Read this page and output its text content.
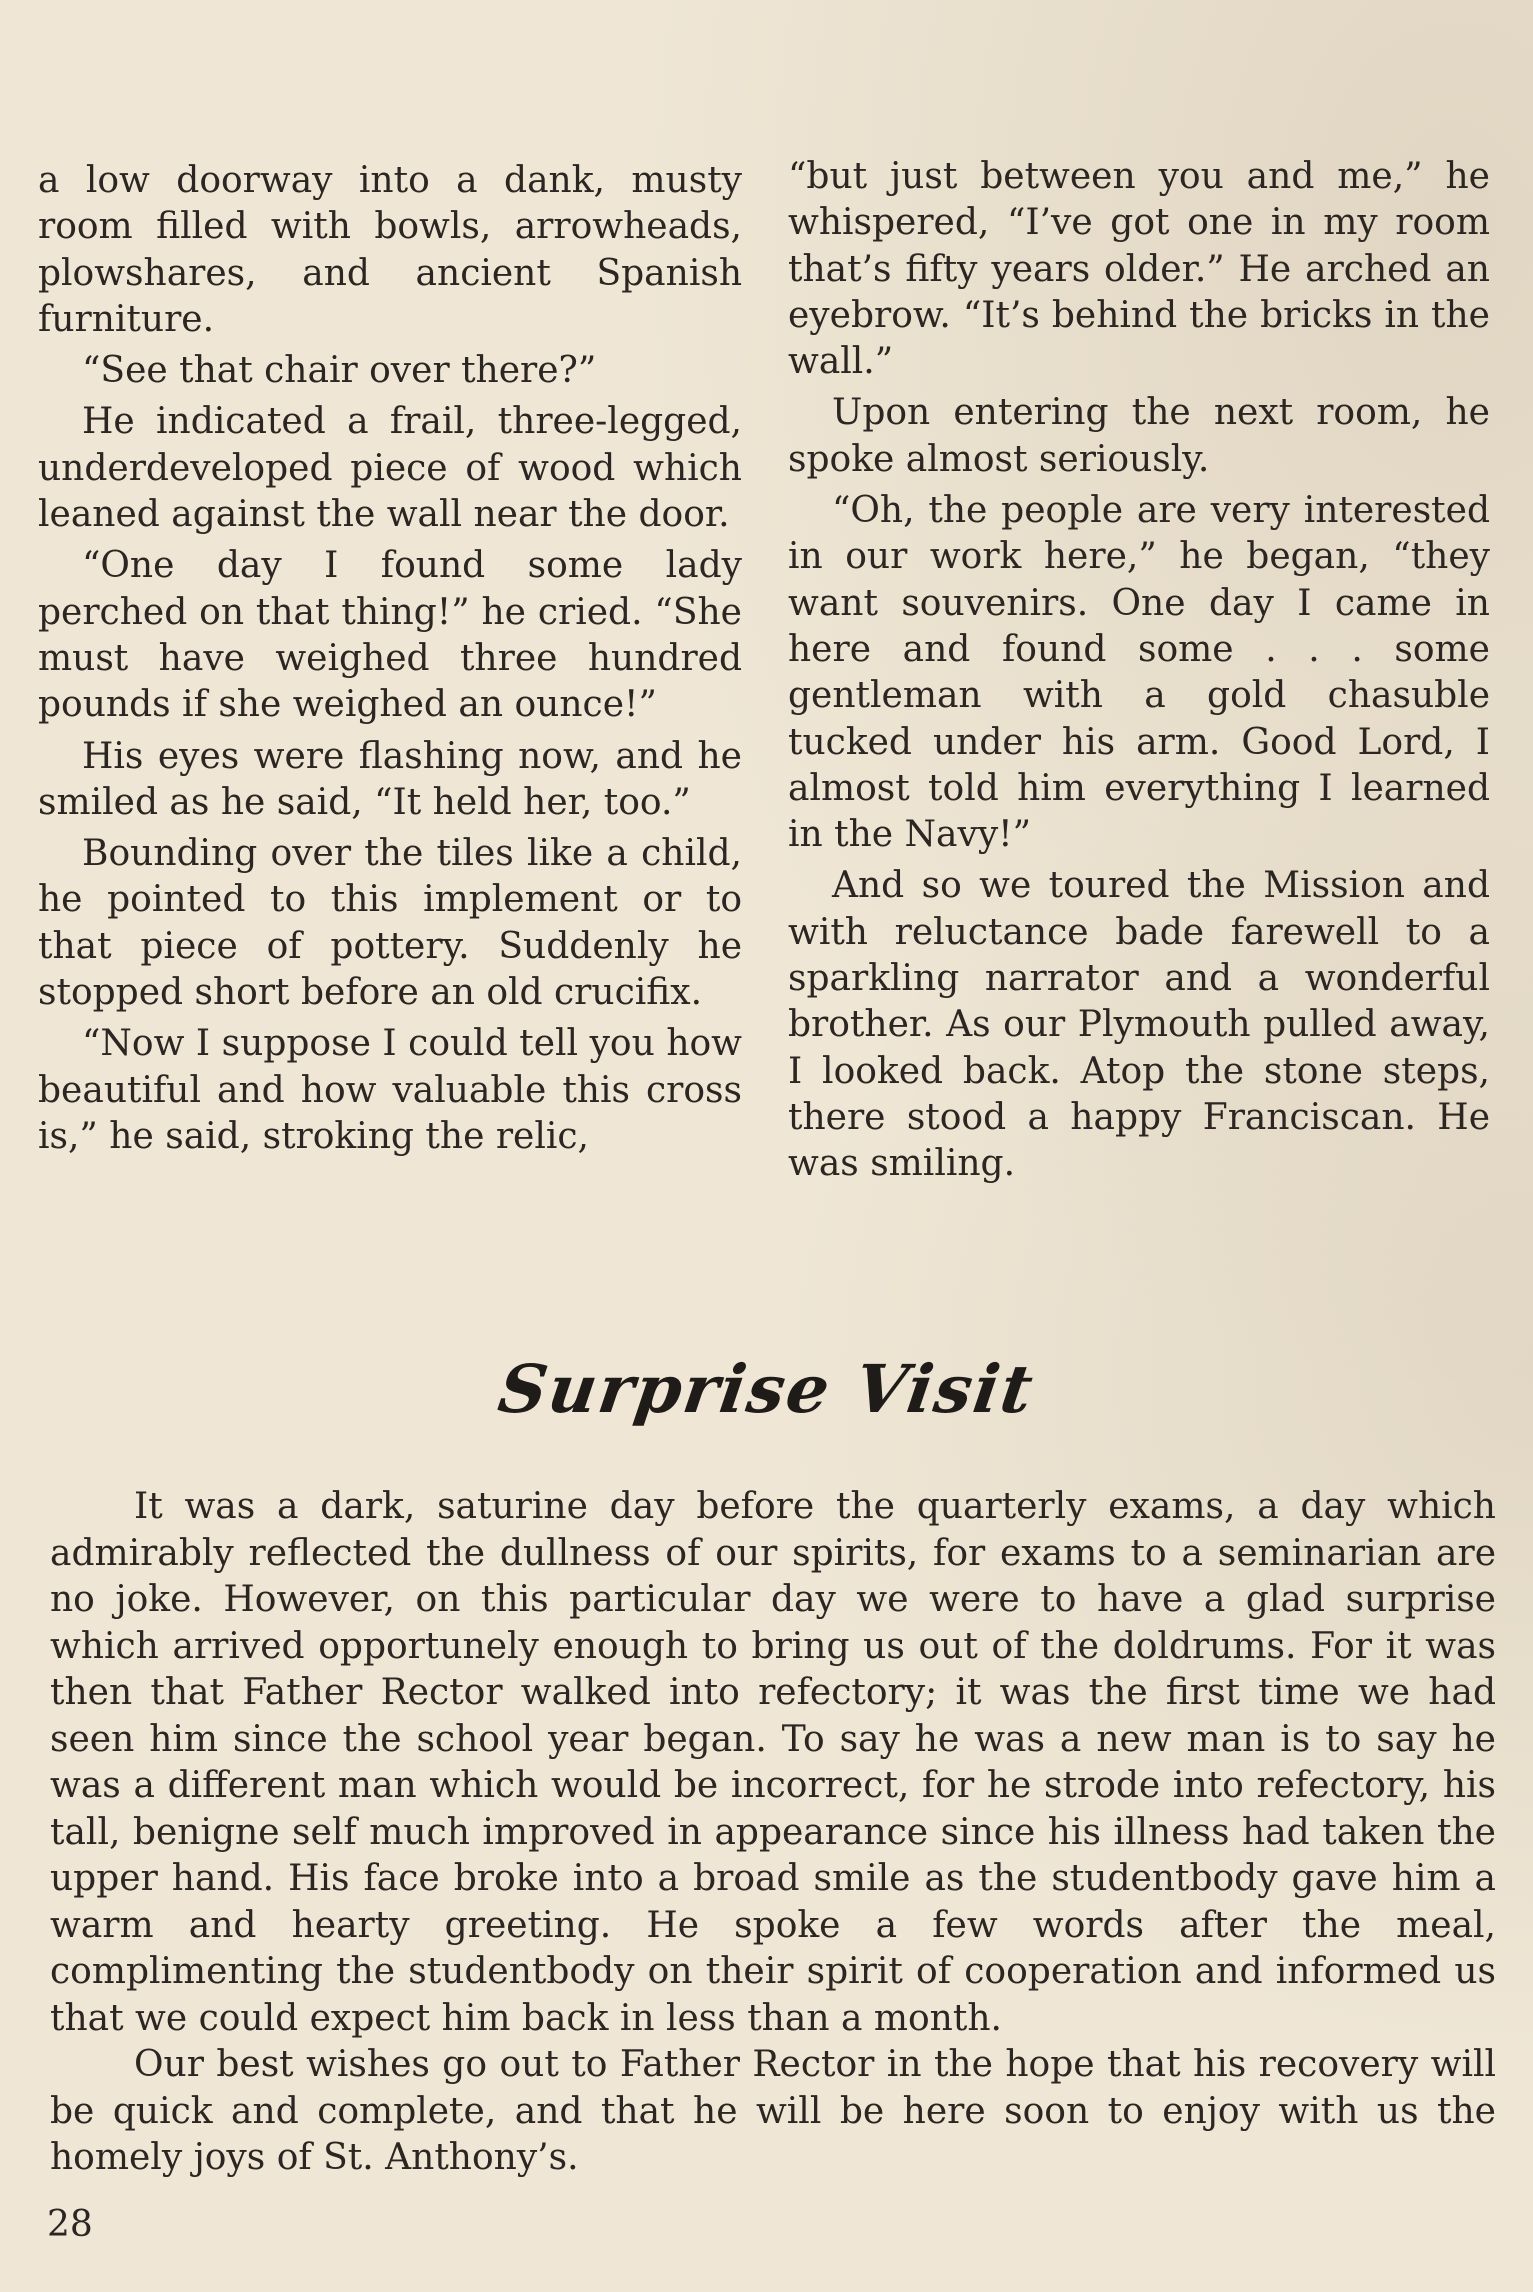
a low doorway into a dank, musty room filled with bowls, arrowheads, plowshares, and ancient Spanish furniture.

“See that chair over there?”

He indicated a frail, three-legged, underdeveloped piece of wood which leaned against the wall near the door.

“One day I found some lady perched on that thing!” he cried. “She must have weighed three hundred pounds if she weighed an ounce!”

His eyes were flashing now, and he smiled as he said, “It held her, too.”

Bounding over the tiles like a child, he pointed to this implement or to that piece of pottery. Suddenly he stopped short before an old crucifix.

“Now I suppose I could tell you how beautiful and how valuable this cross is,” he said, stroking the relic,

“but just between you and me,” he whispered, “I’ve got one in my room that’s fifty years older.” He arched an eyebrow. “It’s behind the bricks in the wall.”

Upon entering the next room, he spoke almost seriously.

“Oh, the people are very interested in our work here,” he began, “they want souvenirs. One day I came in here and found some . . . some gentleman with a gold chasuble tucked under his arm. Good Lord, I almost told him everything I learned in the Navy!”

And so we toured the Mission and with reluctance bade farewell to a sparkling narrator and a wonderful brother. As our Plymouth pulled away, I looked back. Atop the stone steps, there stood a happy Franciscan. He was smiling.

Surprise Visit

It was a dark, saturine day before the quarterly exams, a day which admirably reflected the dullness of our spirits, for exams to a seminarian are no joke. However, on this particular day we were to have a glad surprise which arrived opportunely enough to bring us out of the doldrums. For it was then that Father Rector walked into refectory; it was the first time we had seen him since the school year began. To say he was a new man is to say he was a different man which would be incorrect, for he strode into refectory, his tall, benigne self much improved in appearance since his illness had taken the upper hand. His face broke into a broad smile as the studentbody gave him a warm and hearty greeting. He spoke a few words after the meal, complimenting the studentbody on their spirit of cooperation and informed us that we could expect him back in less than a month.

Our best wishes go out to Father Rector in the hope that his recovery will be quick and complete, and that he will be here soon to enjoy with us the homely joys of St. Anthony’s.

28
